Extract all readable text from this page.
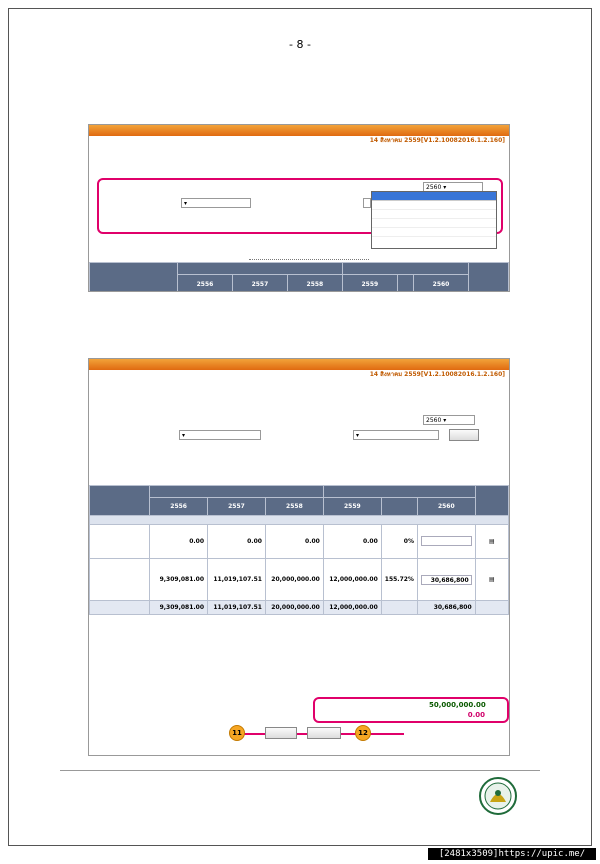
- 8 -
14 สิงหาคม 2559[V1.2.10082016.1.2.160]
2560 ▾
▾

	2556	2557	2558	2559		2560	
14 สิงหาคม 2559[V1.2.10082016.1.2.160]
2560 ▾
▾	▾

	2556	2557	2558	2559		2560	

	0.00	0.00	0.00	0.00	0%		▤
	9,309,081.00	11,019,107.51	20,000,000.00	12,000,000.00	155.72%	30,686,800	▤
	9,309,081.00	11,019,107.51	20,000,000.00	12,000,000.00		30,686,800	
50,000,000.00
0.00
11	12
[2481x3509]https://upic.me/
